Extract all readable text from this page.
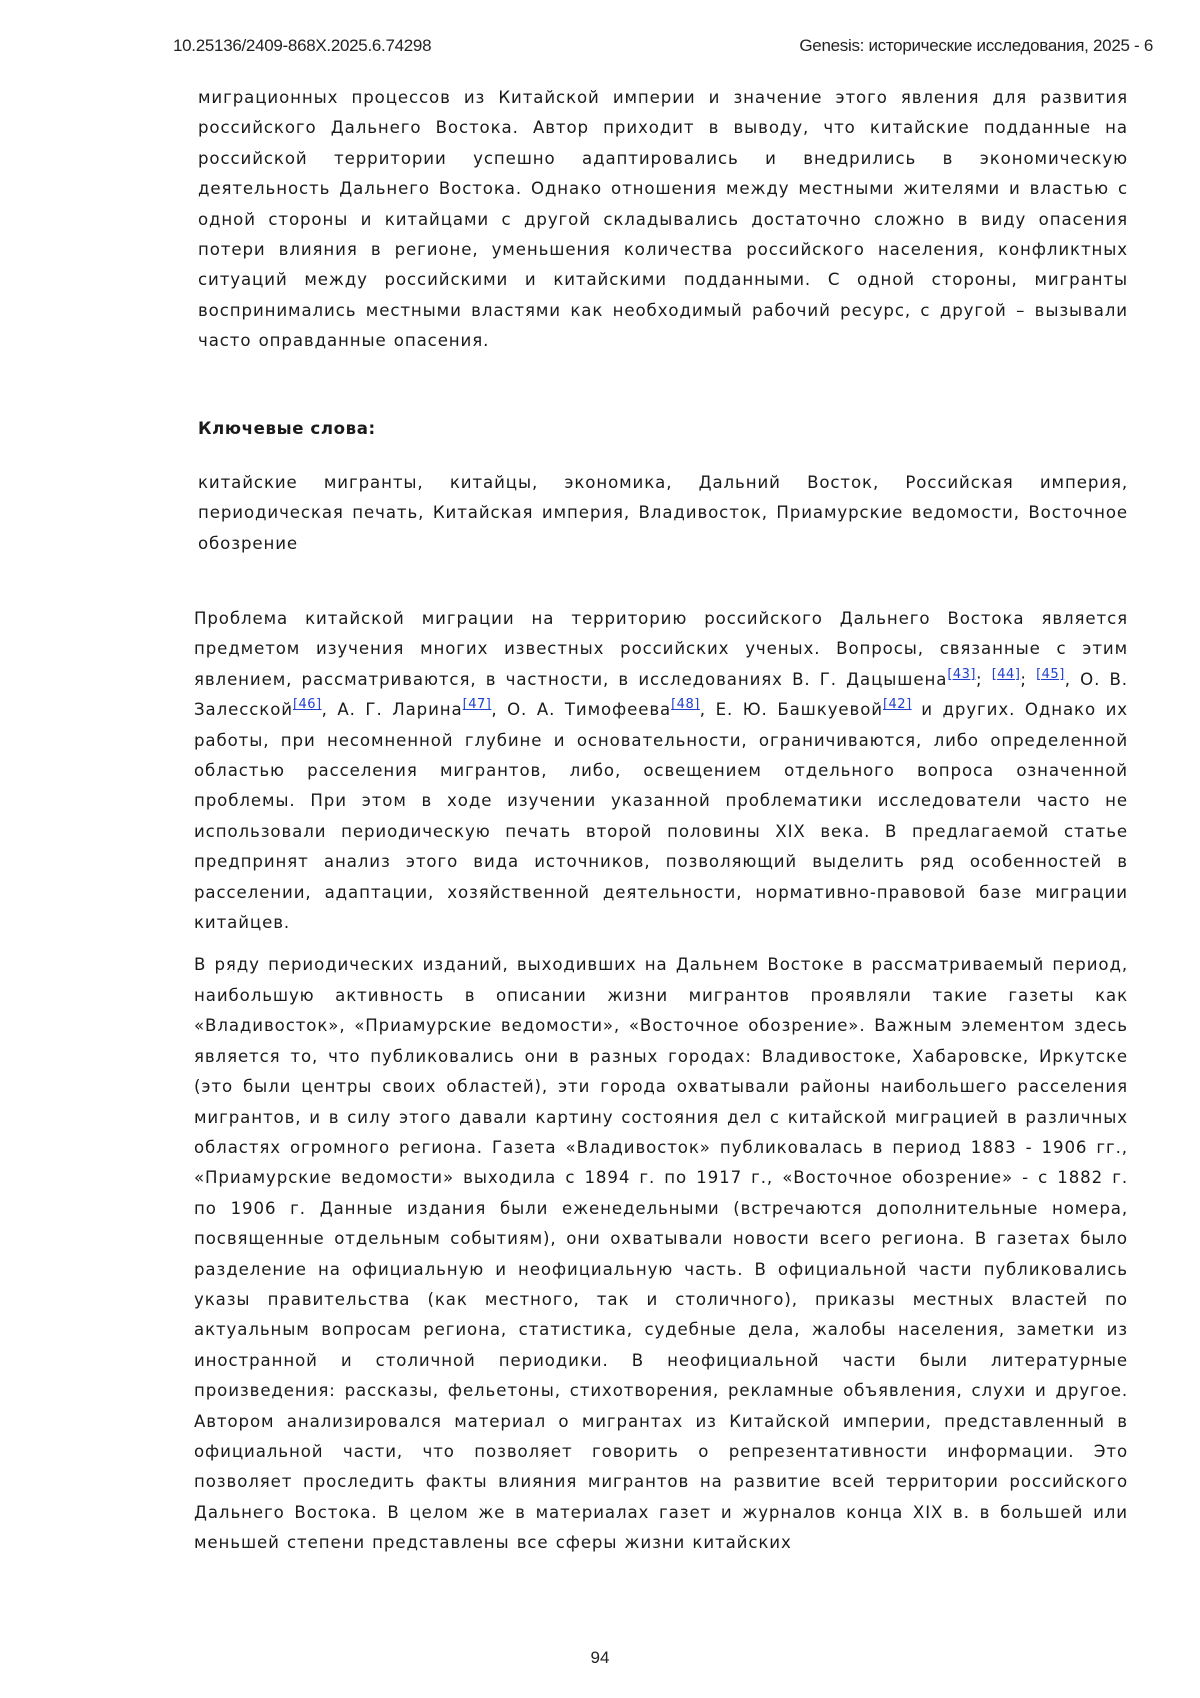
10.25136/2409-868X.2025.6.74298	Genesis: исторические исследования, 2025 - 6

миграционных процессов из Китайской империи и значение этого явления для развития российского Дальнего Востока. Автор приходит в выводу, что китайские подданные на российской территории успешно адаптировались и внедрились в экономическую деятельность Дальнего Востока. Однако отношения между местными жителями и властью с одной стороны и китайцами с другой складывались достаточно сложно в виду опасения потери влияния в регионе, уменьшения количества российского населения, конфликтных ситуаций между российскими и китайскими подданными. С одной стороны, мигранты воспринимались местными властями как необходимый рабочий ресурс, с другой – вызывали часто оправданные опасения.

Ключевые слова:

китайские мигранты, китайцы, экономика, Дальний Восток, Российская империя, периодическая печать, Китайская империя, Владивосток, Приамурские ведомости, Восточное обозрение

Проблема китайской миграции на территорию российского Дальнего Востока является предметом изучения многих известных российских ученых. Вопросы, связанные с этим явлением, рассматриваются, в частности, в исследованиях В. Г. Дацышена[43]; [44]; [45], О. В. Залесской[46], А. Г. Ларина[47], О. А. Тимофеева[48], Е. Ю. Башкуевой[42] и других. Однако их работы, при несомненной глубине и основательности, ограничиваются, либо определенной областью расселения мигрантов, либо, освещением отдельного вопроса означенной проблемы. При этом в ходе изучении указанной проблематики исследователи часто не использовали периодическую печать второй половины XIX века. В предлагаемой статье предпринят анализ этого вида источников, позволяющий выделить ряд особенностей в расселении, адаптации, хозяйственной деятельности, нормативно-правовой базе миграции китайцев.

В ряду периодических изданий, выходивших на Дальнем Востоке в рассматриваемый период, наибольшую активность в описании жизни мигрантов проявляли такие газеты как «Владивосток», «Приамурские ведомости», «Восточное обозрение». Важным элементом здесь является то, что публиковались они в разных городах: Владивостоке, Хабаровске, Иркутске (это были центры своих областей), эти города охватывали районы наибольшего расселения мигрантов, и в силу этого давали картину состояния дел с китайской миграцией в различных областях огромного региона. Газета «Владивосток» публиковалась в период 1883 - 1906 гг., «Приамурские ведомости» выходила с 1894 г. по 1917 г., «Восточное обозрение» - с 1882 г. по 1906 г. Данные издания были еженедельными (встречаются дополнительные номера, посвященные отдельным событиям), они охватывали новости всего региона. В газетах было разделение на официальную и неофициальную часть. В официальной части публиковались указы правительства (как местного, так и столичного), приказы местных властей по актуальным вопросам региона, статистика, судебные дела, жалобы населения, заметки из иностранной и столичной периодики. В неофициальной части были литературные произведения: рассказы, фельетоны, стихотворения, рекламные объявления, слухи и другое. Автором анализировался материал о мигрантах из Китайской империи, представленный в официальной части, что позволяет говорить о репрезентативности информации. Это позволяет проследить факты влияния мигрантов на развитие всей территории российского Дальнего Востока. В целом же в материалах газет и журналов конца XIX в. в большей или меньшей степени представлены все сферы жизни китайских

94
